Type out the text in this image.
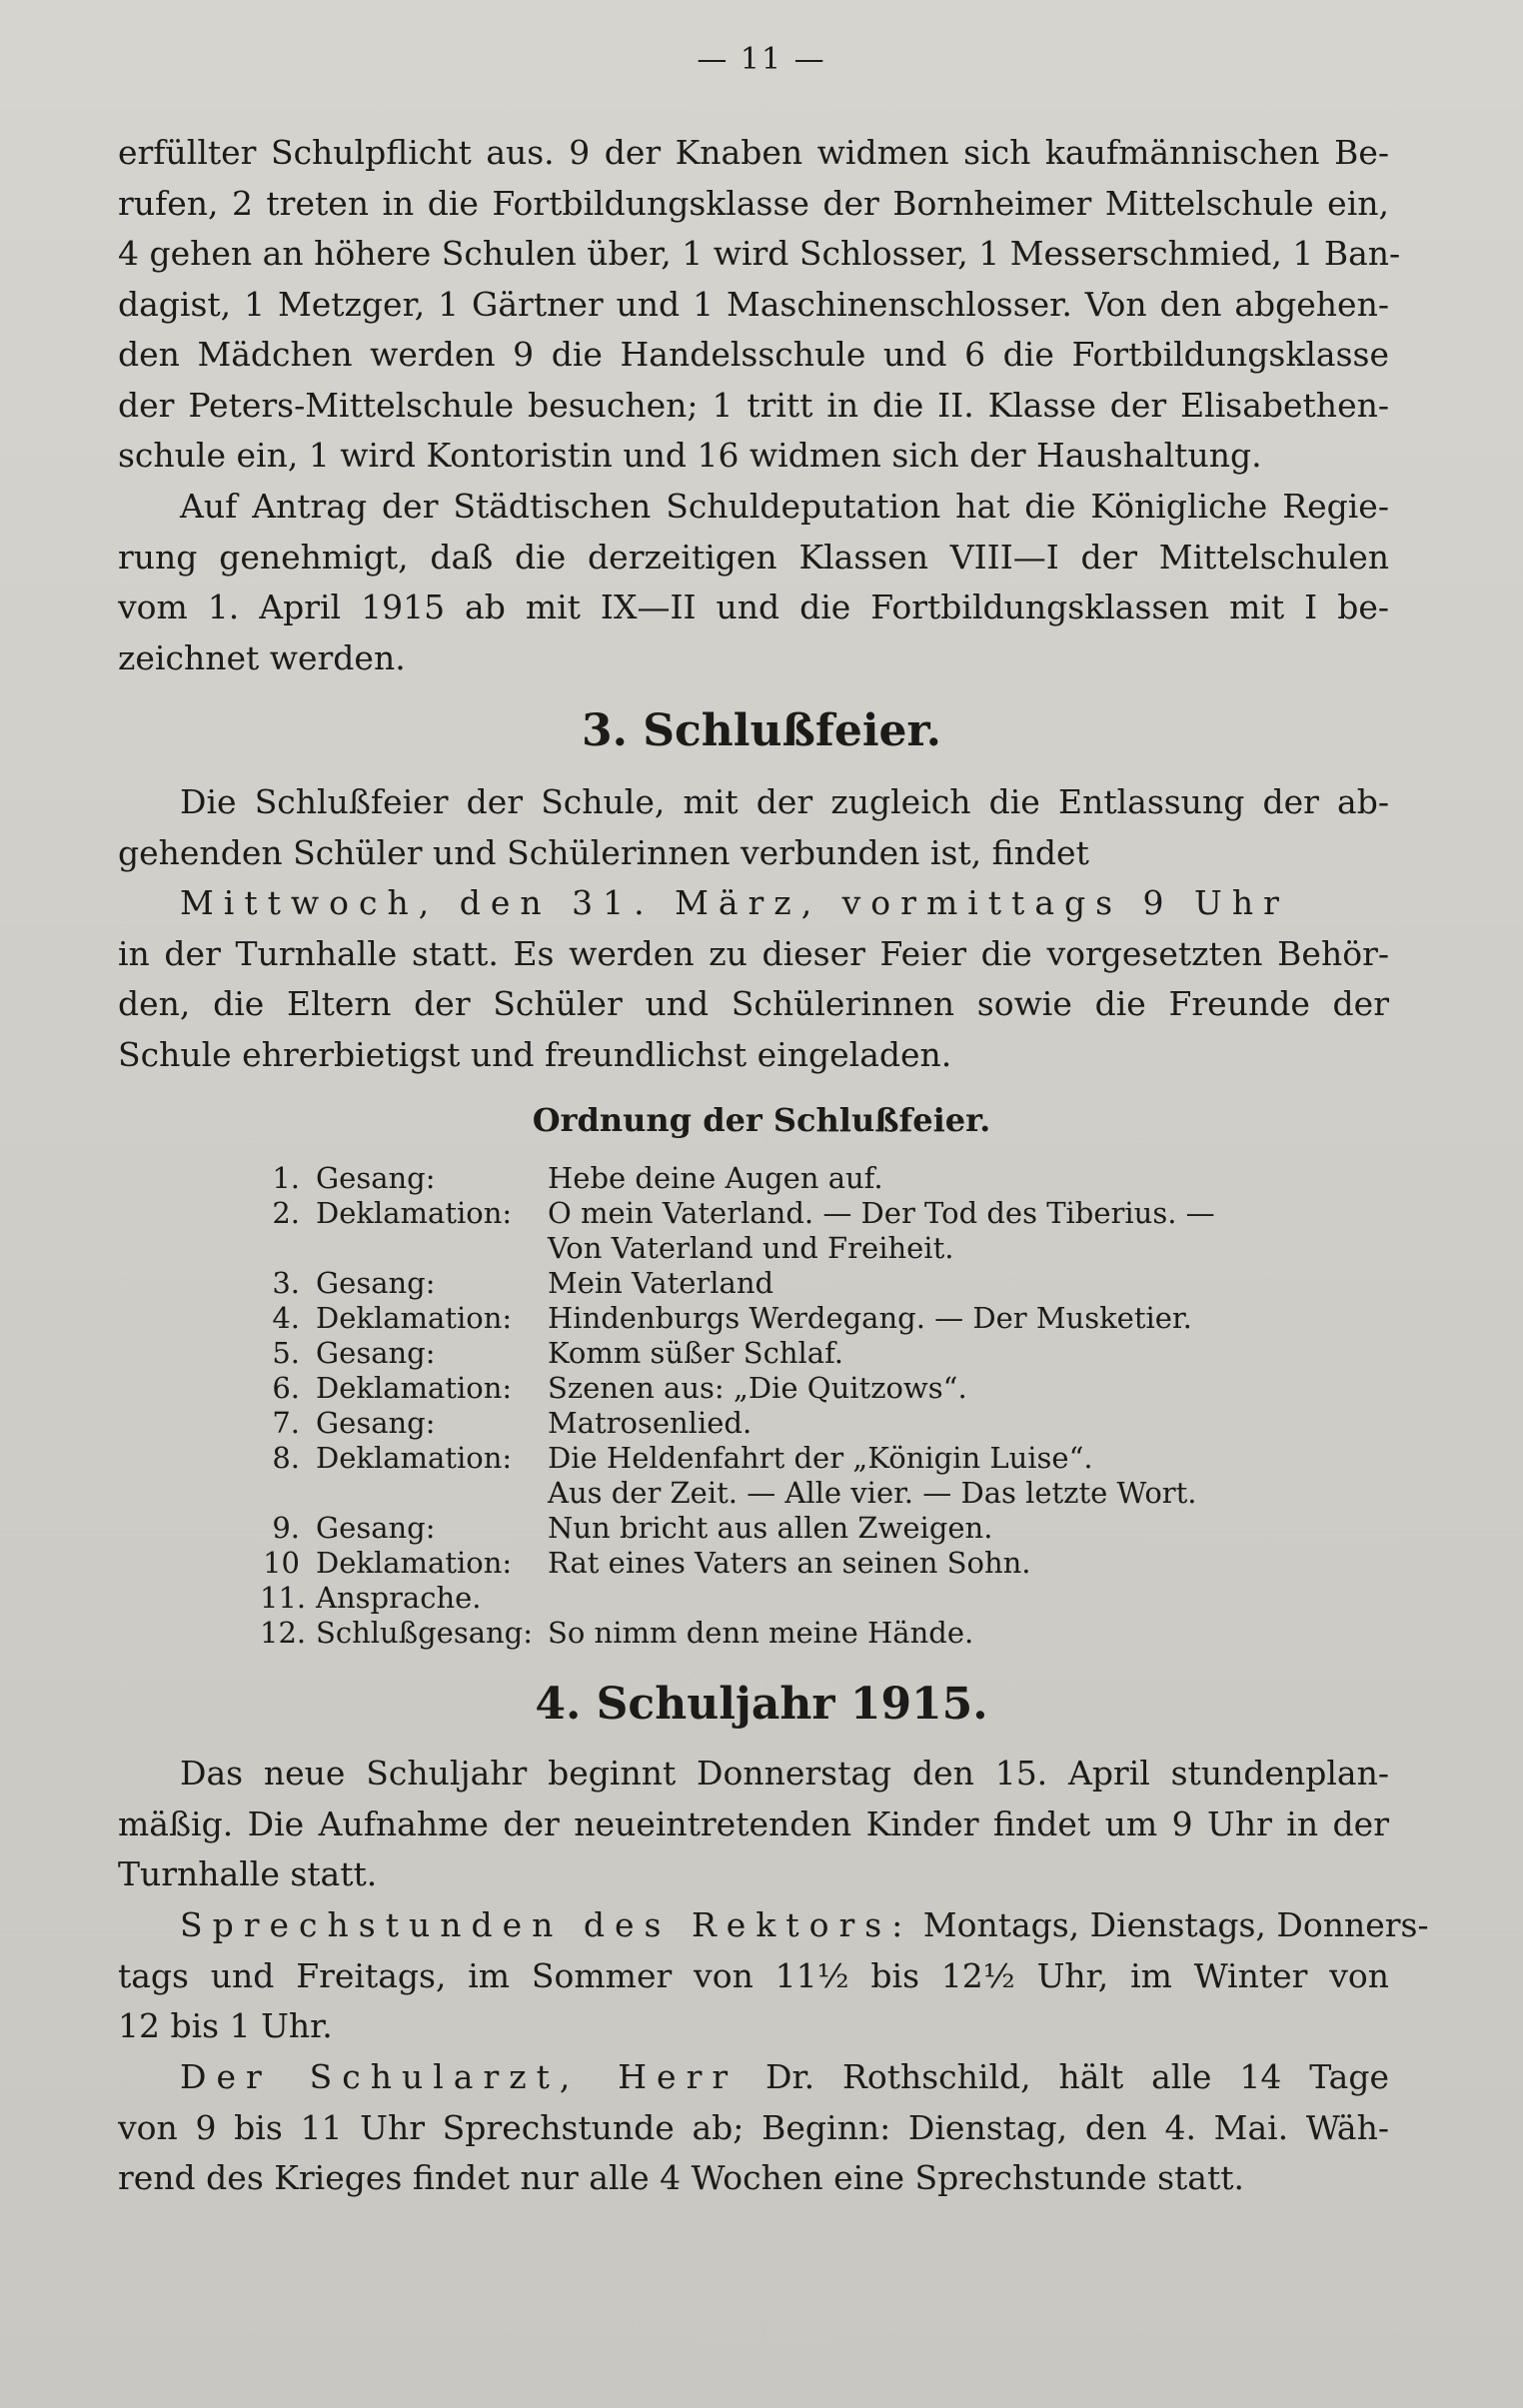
— 11 —
erfüllter Schulpflicht aus. 9 der Knaben widmen sich kaufmännischen Be-
rufen, 2 treten in die Fortbildungsklasse der Bornheimer Mittelschule ein,
4 gehen an höhere Schulen über, 1 wird Schlosser, 1 Messerschmied, 1 Ban-
dagist, 1 Metzger, 1 Gärtner und 1 Maschinenschlosser. Von den abgehen-
den Mädchen werden 9 die Handelsschule und 6 die Fortbildungsklasse
der Peters-Mittelschule besuchen; 1 tritt in die II. Klasse der Elisabethen-
schule ein, 1 wird Kontoristin und 16 widmen sich der Haushaltung.
Auf Antrag der Städtischen Schuldeputation hat die Königliche Regie-
rung genehmigt, daß die derzeitigen Klassen VIII—I der Mittelschulen
vom 1. April 1915 ab mit IX—II und die Fortbildungsklassen mit I be-
zeichnet werden.
3. Schlußfeier.
Die Schlußfeier der Schule, mit der zugleich die Entlassung der ab-
gehenden Schüler und Schülerinnen verbunden ist, findet
Mittwoch, den 31. März, vormittags 9 Uhr
in der Turnhalle statt. Es werden zu dieser Feier die vorgesetzten Behör-
den, die Eltern der Schüler und Schülerinnen sowie die Freunde der
Schule ehrerbietigst und freundlichst eingeladen.
Ordnung der Schlußfeier.
1. Gesang:	Hebe deine Augen auf.
2. Deklamation: O mein Vaterland. — Der Tod des Tiberius. —
Von Vaterland und Freiheit.
3. Gesang:	Mein Vaterland
4. Deklamation: Hindenburgs Werdegang. — Der Musketier.
5. Gesang:	Komm süßer Schlaf.
6. Deklamation: Szenen aus: „Die Quitzows“.
7. Gesang:	Matrosenlied.
8. Deklamation: Die Heldenfahrt der „Königin Luise“.
Aus der Zeit. — Alle vier. — Das letzte Wort.
9. Gesang:	Nun bricht aus allen Zweigen.
10 Deklamation: Rat eines Vaters an seinen Sohn.
11. Ansprache.
12. Schlußgesang: So nimm denn meine Hände.
4. Schuljahr 1915.
Das neue Schuljahr beginnt Donnerstag den 15. April stundenplan-
mäßig. Die Aufnahme der neueintretenden Kinder findet um 9 Uhr in der
Turnhalle statt.
Sprechstunden des Rektors: Montags, Dienstags, Donners-
tags und Freitags, im Sommer von 11½ bis 12½ Uhr, im Winter von
12 bis 1 Uhr.
Der Schularzt, Herr Dr. Rothschild, hält alle 14 Tage
von 9 bis 11 Uhr Sprechstunde ab; Beginn: Dienstag, den 4. Mai. Wäh-
rend des Krieges findet nur alle 4 Wochen eine Sprechstunde statt.
